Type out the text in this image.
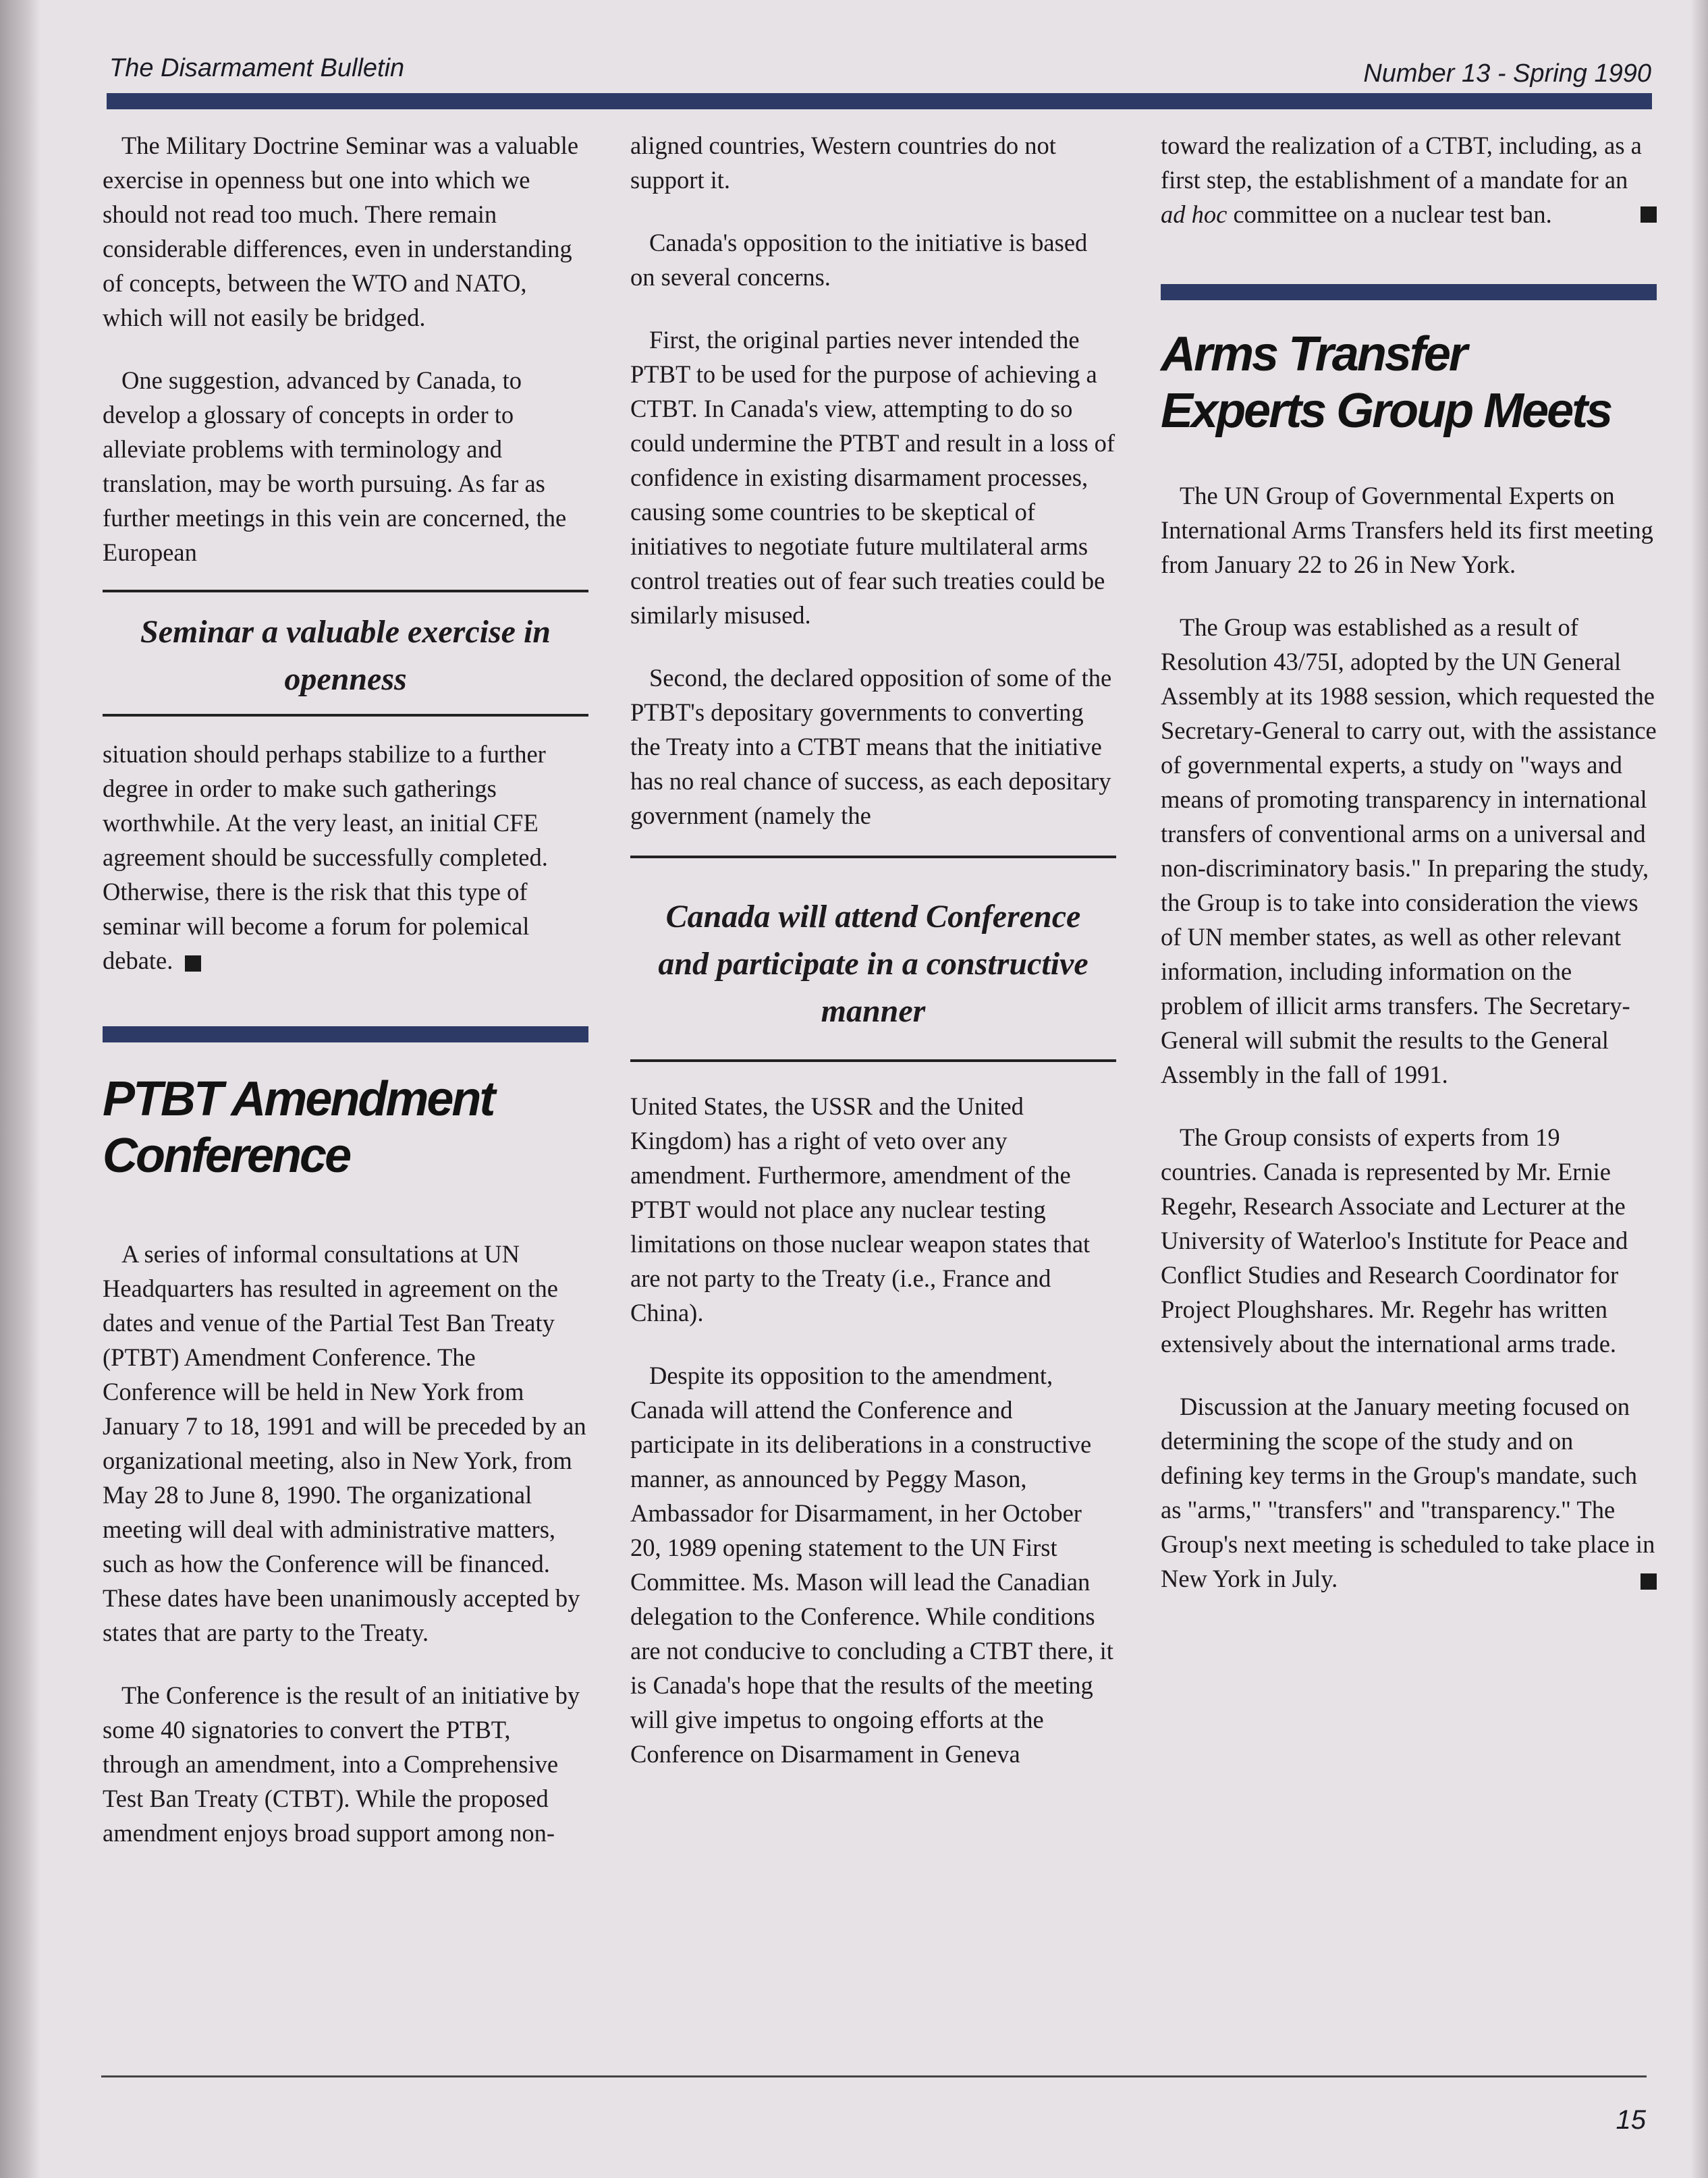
The Disarmament Bulletin	Number 13 - Spring 1990

The Military Doctrine Seminar was a valuable exercise in openness but one into which we should not read too much. There remain considerable differences, even in understanding of concepts, between the WTO and NATO, which will not easily be bridged.

One suggestion, advanced by Canada, to develop a glossary of concepts in order to alleviate problems with terminology and translation, may be worth pursuing. As far as further meetings in this vein are concerned, the European

Seminar a valuable exercise in openness

situation should perhaps stabilize to a further degree in order to make such gatherings worthwhile. At the very least, an initial CFE agreement should be successfully completed. Otherwise, there is the risk that this type of seminar will become a forum for polemical debate.

PTBT Amendment Conference

A series of informal consultations at UN Headquarters has resulted in agreement on the dates and venue of the Partial Test Ban Treaty (PTBT) Amendment Conference. The Conference will be held in New York from January 7 to 18, 1991 and will be preceded by an organizational meeting, also in New York, from May 28 to June 8, 1990. The organizational meeting will deal with administrative matters, such as how the Conference will be financed. These dates have been unanimously accepted by states that are party to the Treaty.

The Conference is the result of an initiative by some 40 signatories to convert the PTBT, through an amendment, into a Comprehensive Test Ban Treaty (CTBT). While the proposed amendment enjoys broad support among non-

aligned countries, Western countries do not support it.

Canada's opposition to the initiative is based on several concerns.

First, the original parties never intended the PTBT to be used for the purpose of achieving a CTBT. In Canada's view, attempting to do so could undermine the PTBT and result in a loss of confidence in existing disarmament processes, causing some countries to be skeptical of initiatives to negotiate future multilateral arms control treaties out of fear such treaties could be similarly misused.

Second, the declared opposition of some of the PTBT's depositary governments to converting the Treaty into a CTBT means that the initiative has no real chance of success, as each depositary government (namely the

Canada will attend Conference and participate in a constructive manner

United States, the USSR and the United Kingdom) has a right of veto over any amendment. Furthermore, amendment of the PTBT would not place any nuclear testing limitations on those nuclear weapon states that are not party to the Treaty (i.e., France and China).

Despite its opposition to the amendment, Canada will attend the Conference and participate in its deliberations in a constructive manner, as announced by Peggy Mason, Ambassador for Disarmament, in her October 20, 1989 opening statement to the UN First Committee. Ms. Mason will lead the Canadian delegation to the Conference. While conditions are not conducive to concluding a CTBT there, it is Canada's hope that the results of the meeting will give impetus to ongoing efforts at the Conference on Disarmament in Geneva

toward the realization of a CTBT, including, as a first step, the establishment of a mandate for an ad hoc committee on a nuclear test ban.

Arms Transfer Experts Group Meets

The UN Group of Governmental Experts on International Arms Transfers held its first meeting from January 22 to 26 in New York.

The Group was established as a result of Resolution 43/75I, adopted by the UN General Assembly at its 1988 session, which requested the Secretary-General to carry out, with the assistance of governmental experts, a study on "ways and means of promoting transparency in international transfers of conventional arms on a universal and non-discriminatory basis." In preparing the study, the Group is to take into consideration the views of UN member states, as well as other relevant information, including information on the problem of illicit arms transfers. The Secretary-General will submit the results to the General Assembly in the fall of 1991.

The Group consists of experts from 19 countries. Canada is represented by Mr. Ernie Regehr, Research Associate and Lecturer at the University of Waterloo's Institute for Peace and Conflict Studies and Research Coordinator for Project Ploughshares. Mr. Regehr has written extensively about the international arms trade.

Discussion at the January meeting focused on determining the scope of the study and on defining key terms in the Group's mandate, such as "arms," "transfers" and "transparency." The Group's next meeting is scheduled to take place in New York in July.

15
